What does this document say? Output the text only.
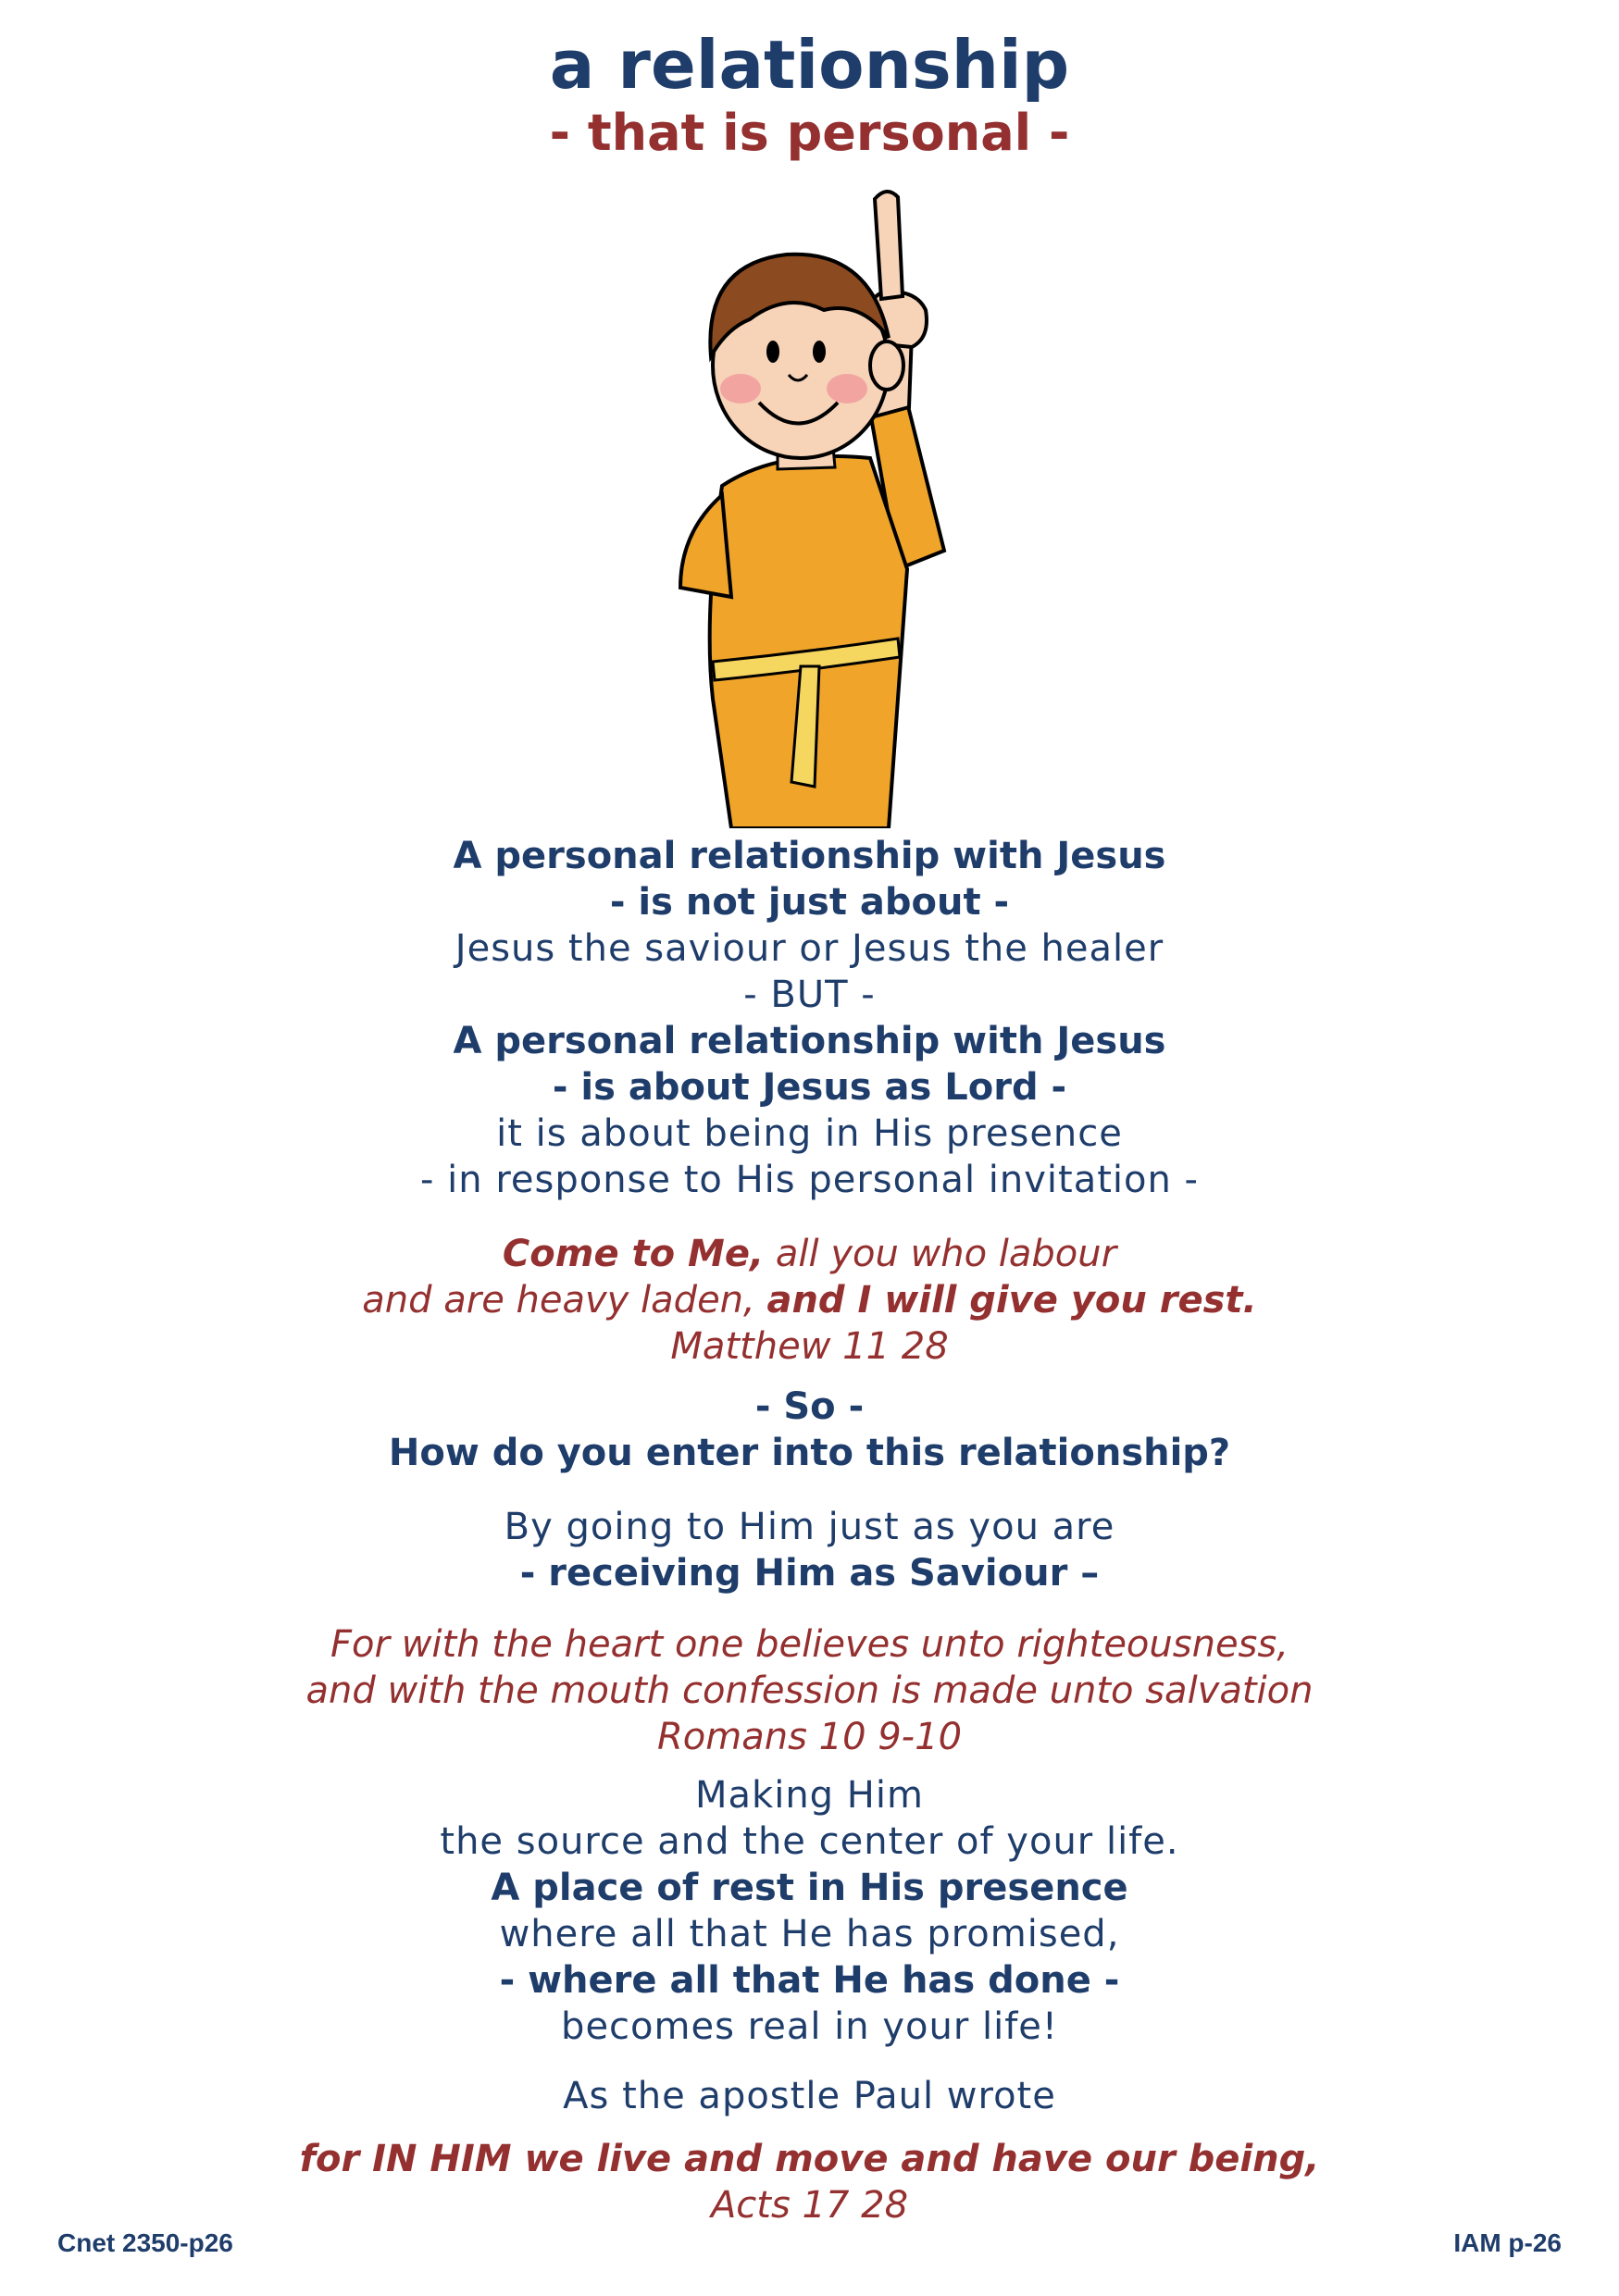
a relationship
- that is personal -
A personal relationship with Jesus
- is not just about -
Jesus the saviour or Jesus the healer
- BUT -
A personal relationship with Jesus
- is about Jesus as Lord -
it is about being in His presence
- in response to His personal invitation -
Come to Me, all you who labour
and are heavy laden, and I will give you rest.
Matthew 11 28
- So -
How do you enter into this relationship?
By going to Him just as you are
- receiving Him as Saviour –
For with the heart one believes unto righteousness,
and with the mouth confession is made unto salvation
Romans 10 9-10
Making Him
the source and the center of your life.
A place of rest in His presence
where all that He has promised,
- where all that He has done -
becomes real in your life!
As the apostle Paul wrote
for IN HIM we live and move and have our being,
Acts 17 28
Cnet 2350-p26	IAM p-26
